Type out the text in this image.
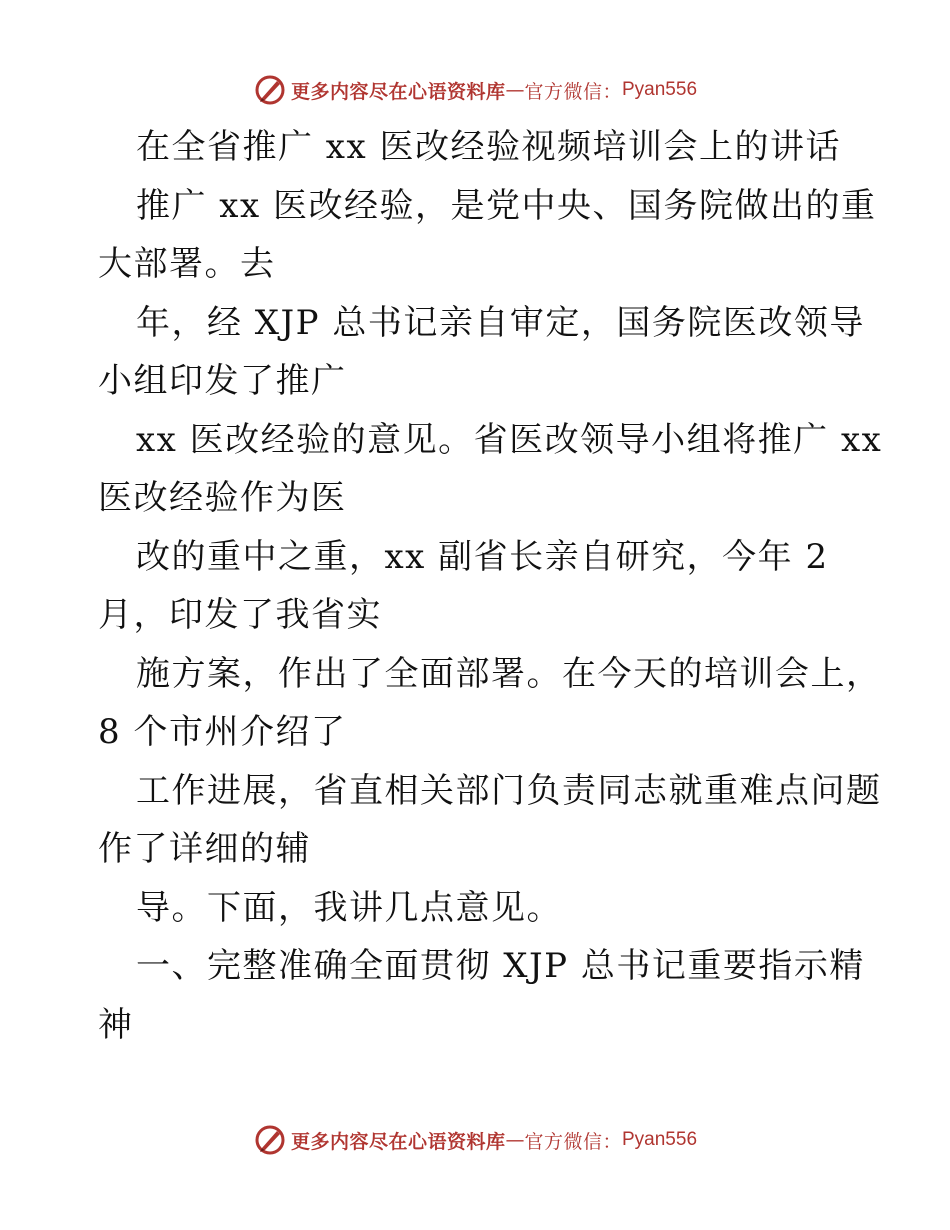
更多内容尽在心语资料库 — 官方微信： Pyan556
在全省推广 xx 医改经验视频培训会上的讲话
推广 xx 医改经验，是党中央、国务院做出的重
大部署。去
年，经 XJP 总书记亲自审定，国务院医改领导
小组印发了推广
xx 医改经验的意见。省医改领导小组将推广 xx
医改经验作为医
改的重中之重，xx 副省长亲自研究，今年 2
月，印发了我省实
施方案，作出了全面部署。在今天的培训会上，
8 个市州介绍了
工作进展，省直相关部门负责同志就重难点问题
作了详细的辅
导。下面，我讲几点意见。
一、完整准确全面贯彻 XJP 总书记重要指示精
神
更多内容尽在心语资料库 — 官方微信： Pyan556
